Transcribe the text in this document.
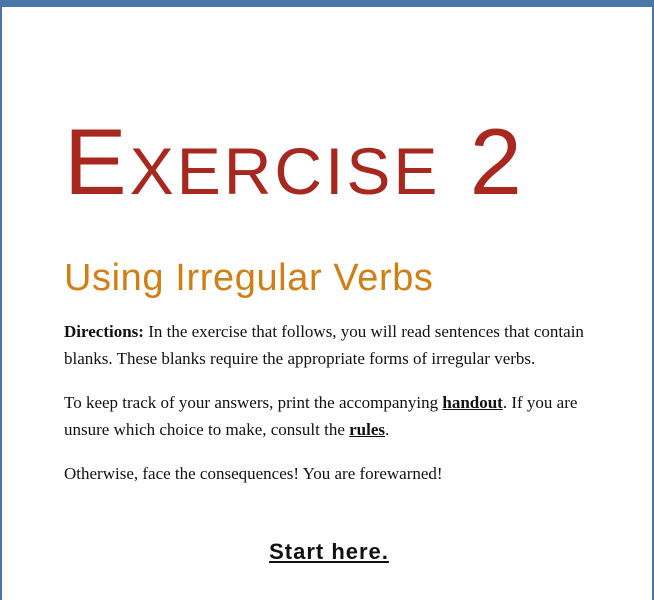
Exercise 2
Using Irregular Verbs

Directions: In the exercise that follows, you will read sentences that contain blanks. These blanks require the appropriate forms of irregular verbs.

To keep track of your answers, print the accompanying handout. If you are unsure which choice to make, consult the rules.

Otherwise, face the consequences! You are forewarned!

Start here.
